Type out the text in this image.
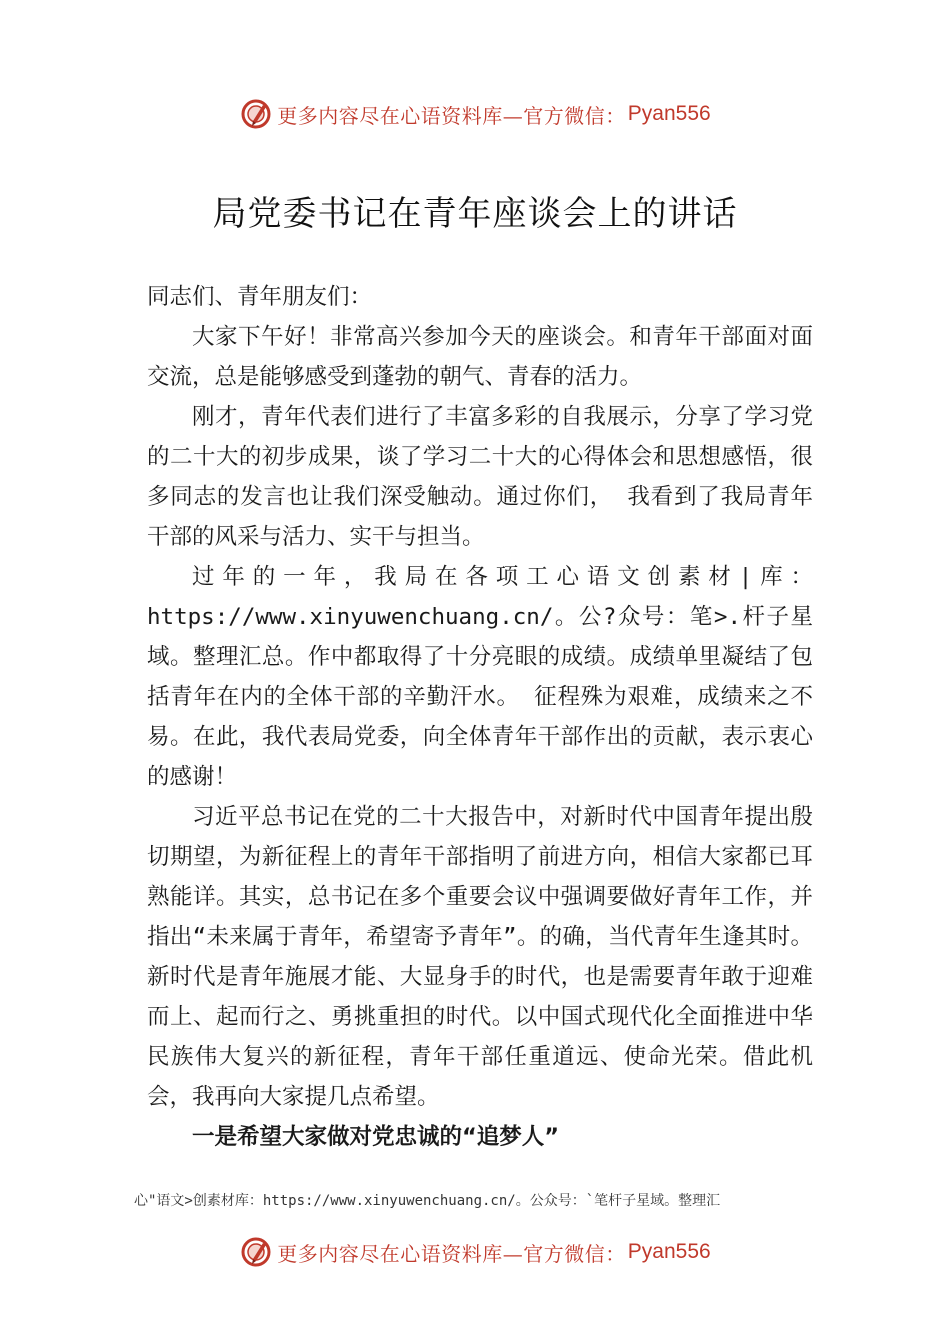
更多内容尽在心语资料库—官方微信： Pyan556
局党委书记在青年座谈会上的讲话

同志们、青年朋友们：

大家下午好！非常高兴参加今天的座谈会。和青年干部面对面交流，总是能够感受到蓬勃的朝气、青春的活力。

刚才，青年代表们进行了丰富多彩的自我展示，分享了学习党的二十大的初步成果，谈了学习二十大的心得体会和思想感悟，很多同志的发言也让我们深受触动。通过你们， 我看到了我局青年干部的风采与活力、实干与担当。

过年的一年，我局在各项工心语文创素材|库：https://www.xinyuwenchuang.cn/。公?众号：笔>.杆子星域。整理汇总。作中都取得了十分亮眼的成绩。成绩单里凝结了包括青年在内的全体干部的辛勤汗水。 征程殊为艰难，成绩来之不易。在此，我代表局党委，向全体青年干部作出的贡献，表示衷心的感谢！

习近平总书记在党的二十大报告中，对新时代中国青年提出殷切期望，为新征程上的青年干部指明了前进方向，相信大家都已耳熟能详。其实，总书记在多个重要会议中强调要做好青年工作，并指出“未来属于青年，希望寄予青年”。的确，当代青年生逢其时。新时代是青年施展才能、大显身手的时代，也是需要青年敢于迎难而上、起而行之、勇挑重担的时代。以中国式现代化全面推进中华民族伟大复兴的新征程，青年干部任重道远、使命光荣。借此机会，我再向大家提几点希望。

一是希望大家做对党忠诚的“追梦人”

心"语文>创素材库：https://www.xinyuwenchuang.cn/。公众号：`笔杆子星域。整理汇
更多内容尽在心语资料库—官方微信： Pyan556
